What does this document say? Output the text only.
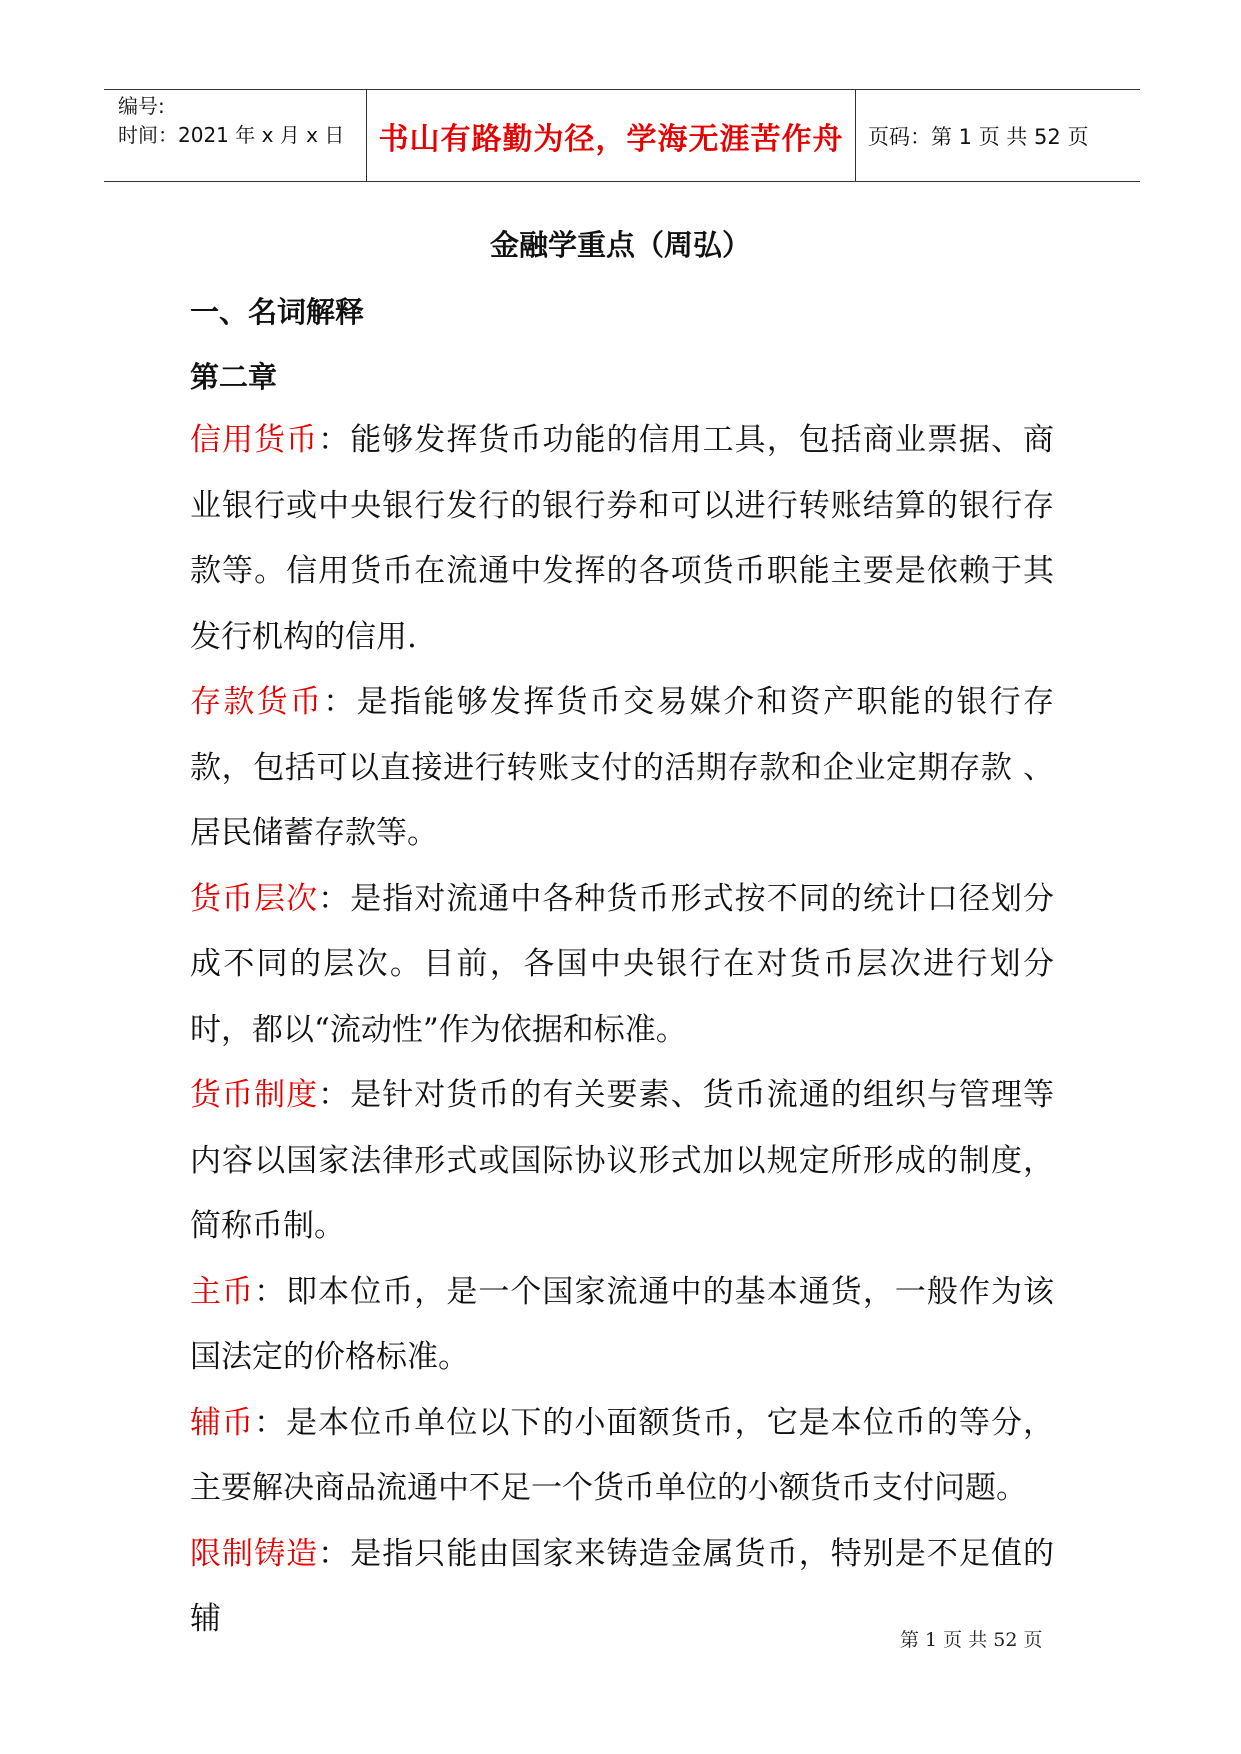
编号:
时间：2021 年 x 月 x 日	书山有路勤为径，学海无涯苦作舟 页码：第 1 页 共 52 页
金融学重点（周弘）
一、名词解释
第二章

信用货币：能够发挥货币功能的信用工具，包括商业票据、商业银行或中央银行发行的银行券和可以进行转账结算的银行存款等。信用货币在流通中发挥的各项货币职能主要是依赖于其发行机构的信用.

存款货币：是指能够发挥货币交易媒介和资产职能的银行存款，包括可以直接进行转账支付的活期存款和企业定期存款 、居民储蓄存款等。

货币层次：是指对流通中各种货币形式按不同的统计口径划分成不同的层次。目前，各国中央银行在对货币层次进行划分时，都以“流动性”作为依据和标准。

货币制度：是针对货币的有关要素、货币流通的组织与管理等内容以国家法律形式或国际协议形式加以规定所形成的制度，简称币制。

主币：即本位币，是一个国家流通中的基本通货，一般作为该国法定的价格标准。

辅币：是本位币单位以下的小面额货币，它是本位币的等分，主要解决商品流通中不足一个货币单位的小额货币支付问题。

限制铸造：是指只能由国家来铸造金属货币，特别是不足值的辅

第 1 页 共 52 页
